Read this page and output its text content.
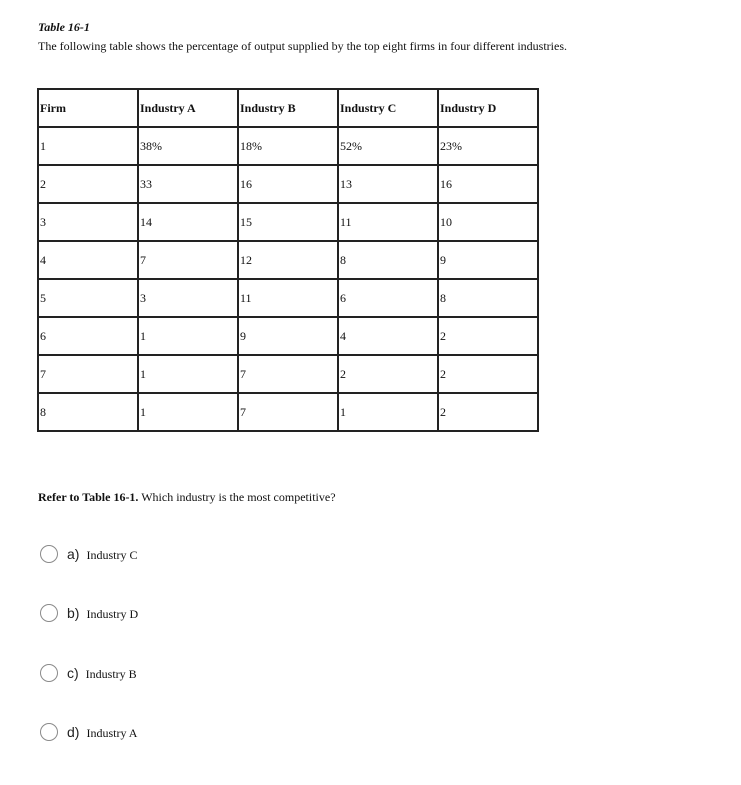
Table 16-1
The following table shows the percentage of output supplied by the top eight firms in four different industries.
Firm	Industry A	Industry B	Industry C	Industry D
1	38%	18%	52%	23%
2	33	16	13	16
3	14	15	11	10
4	7	12	8	9
5	3	11	6	8
6	1	9	4	2
7	1	7	2	2
8	1	7	1	2
Refer to Table 16-1. Which industry is the most competitive?
a) Industry C
b) Industry D
c) Industry B
d) Industry A
